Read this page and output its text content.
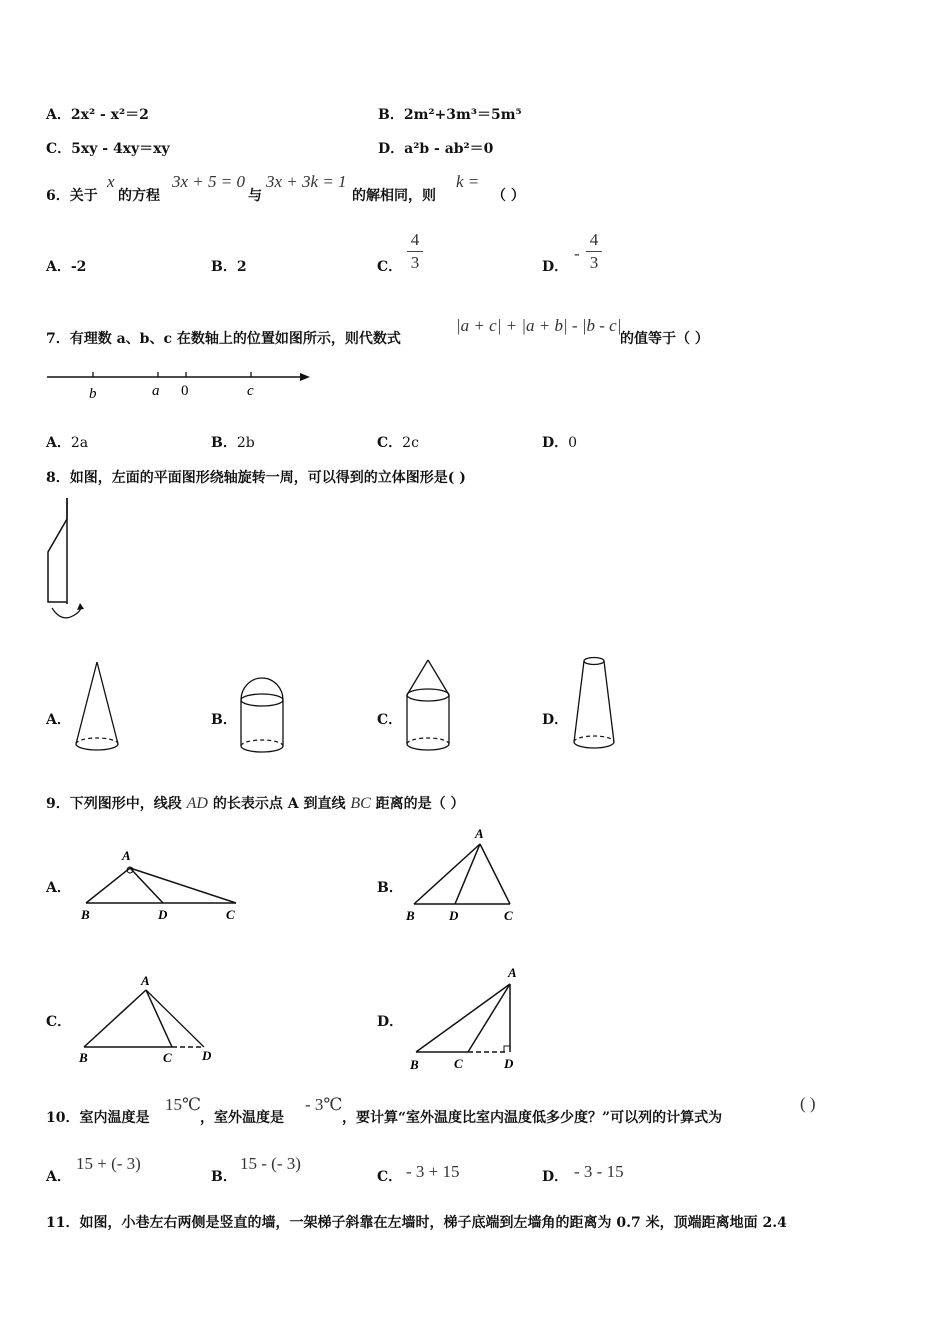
A．2x² - x²＝2	B．2m²+3m³＝5m⁵
C．5xy - 4xy＝xy	D．a²b - ab²＝0
6．关于
x
的方程
3x + 5 = 0
与
3x + 3k = 1
的解相同，则
k =
（ ）
A．-2	B．2	C．
4
3	D．
-
4
3
7．有理数 a、b、c 在数轴上的位置如图所示，则代数式
|a + c| + |a + b| - |b - c|
的值等于（ ）
b	a 0	c
A．2a	B．2b	C．2c	D．0
8．如图，左面的平面图形绕轴旋转一周，可以得到的立体图形是( )
A．	B．	C．	D．
9．下列图形中，线段 AD 的长表示点 A 到直线 BC 距离的是（ ）
A．
A
B	D	C
B．
A
B	D	C
C．
A
B	C D
D．
A
B	C	D
10．室内温度是
15℃
，室外温度是
- 3℃
，要计算“室外温度比室内温度低多少度？”可以列的计算式为
( )
A．
15 + (- 3)
B．
15 - (- 3)
C． - 3 + 15	D． - 3 - 15
11．如图，小巷左右两侧是竖直的墙，一架梯子斜靠在左墙时，梯子底端到左墙角的距离为 0.7 米，顶端距离地面 2.4
